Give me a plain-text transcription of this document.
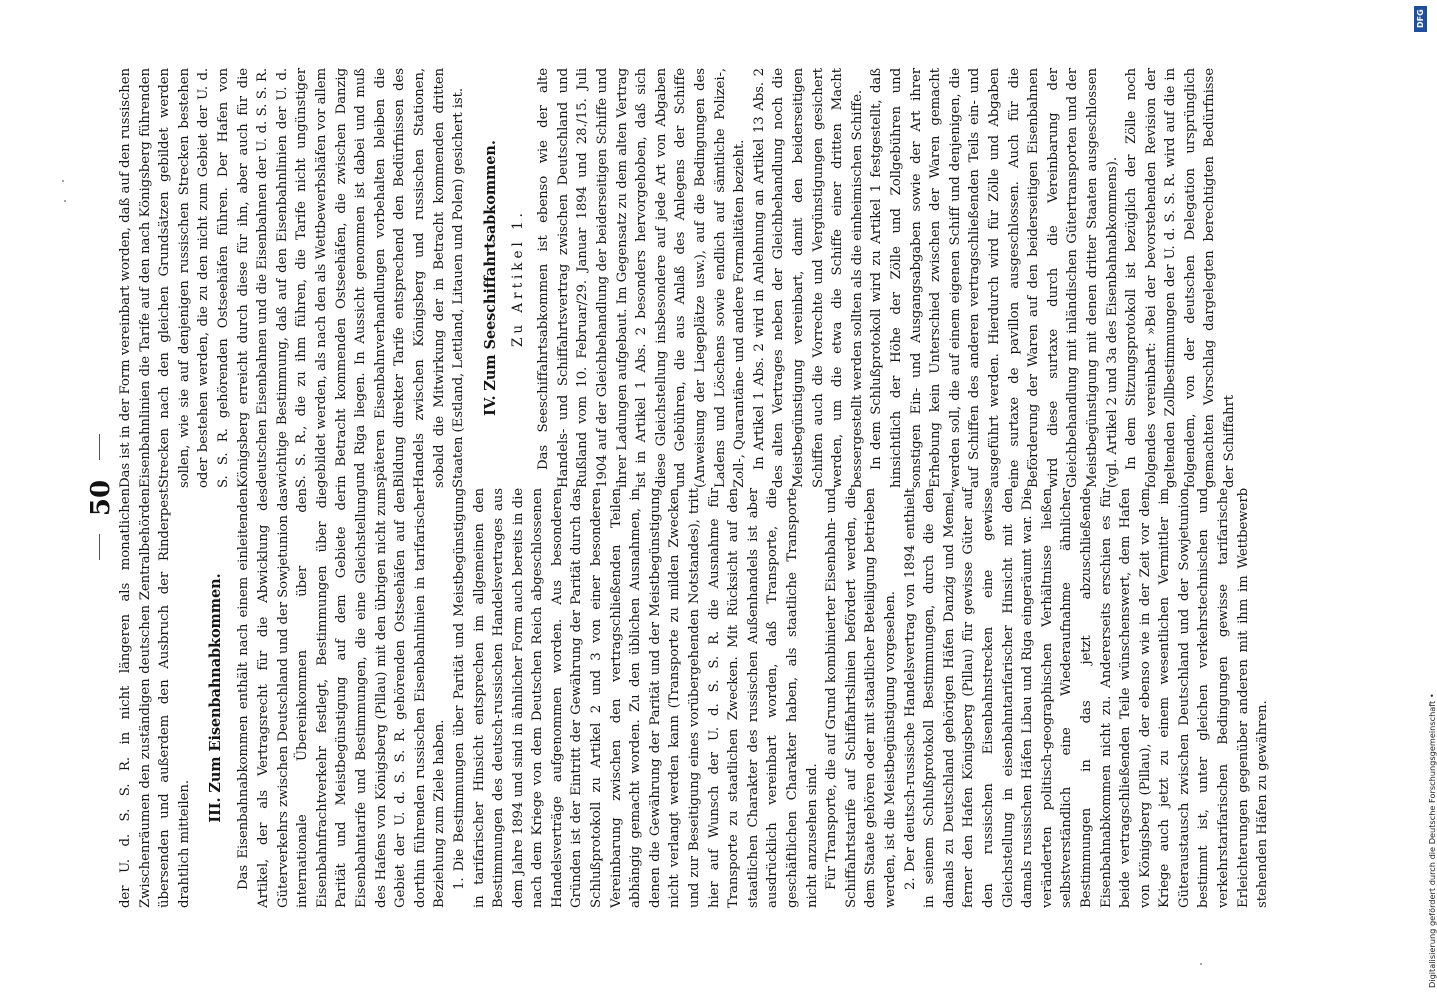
50 der U. d. S. S. R. in nicht längeren als monatlichen Zwischenräumen den zuständigen deutschen Zentralbehörden übersenden und außerdem den Ausbruch der Rinderpest drahtlich mitteilen.

III. Zum Eisenbahnabkommen. Das Eisenbahnabkommen enthält nach einem einleitenden Artikel, der als Vertragsrecht für die Abwicklung des Güterverkehrs zwischen Deutschland und der Sowjetunion das internationale Übereinkommen über den Eisenbahnfrachtverkehr festlegt, Bestimmungen über die Parität und Meistbegünstigung auf dem Gebiete der Eisenbahntarife und Bestimmungen, die eine Gleichstellung des Hafens von Königsberg (Pillau) mit den übrigen nicht zum Gebiet der U. d. S. S. R. gehörenden Ostseehäfen auf den dorthin führenden russischen Eisenbahnlinien in tarifarischer Beziehung zum Ziele haben. 1. Die Bestimmungen über Parität und Meistbegünstigung in tarifarischer Hinsicht entsprechen im allgemeinen den Bestimmungen des deutsch-russischen Handelsvertrages aus dem Jahre 1894 und sind in ähnlicher Form auch bereits in die nach dem Kriege von dem Deutschen Reich abgeschlossenen Handelsverträge aufgenommen worden. Aus besonderen Gründen ist der Eintritt der Gewährung der Parität durch das Schlußprotokoll zu Artikel 2 und 3 von einer besonderen Vereinbarung zwischen den vertragschließenden Teilen abhängig gemacht worden. Zu den üblichen Ausnahmen, in denen die Gewährung der Parität und der Meistbegünstigung nicht verlangt werden kann (Transporte zu milden Zwecken und zur Beseitigung eines vorübergehenden Notstandes), tritt hier auf Wunsch der U. d. S. S. R. die Ausnahme für Transporte zu staatlichen Zwecken. Mit Rücksicht auf den staatlichen Charakter des russischen Außenhandels ist aber ausdrücklich vereinbart worden, daß Transporte, die geschäftlichen Charakter haben, als staatliche Transporte nicht anzusehen sind. Für Transporte, die auf Grund kombinierter Eisenbahn- und Schiffahrtstarife auf Schiffahrtslinien befördert werden, die dem Staate gehören oder mit staatlicher Beteiligung betrieben werden, ist die Meistbegünstigung vorgesehen. 2. Der deutsch-russische Handelsvertrag von 1894 enthielt in seinem Schlußprotokoll Bestimmungen, durch die den damals zu Deutschland gehörigen Häfen Danzig und Memel, ferner den Hafen Königsberg (Pillau) für gewisse Güter auf den russischen Eisenbahnstrecken eine gewisse Gleichstellung in eisenbahntarifarischer Hinsicht mit den damals russischen Häfen Libau und Riga eingeräumt war. Die veränderten politisch-geographischen Verhältnisse ließen selbstverständlich eine Wiederaufnahme ähnlicher Bestimmungen in das jetzt abzuschließende Eisenbahnabkommen nicht zu. Andererseits erschien es für beide vertragschließenden Teile wünschenswert, dem Hafen von Königsberg (Pillau), der ebenso wie in der Zeit vor dem Kriege auch jetzt zu einem wesentlichen Vermittler im Güteraustausch zwischen Deutschland und der Sowjetunion bestimmt ist, unter gleichen verkehrstechnischen und verkehrstarifarischen Bedingungen gewisse tarifarische Erleichterungen gegenüber anderen mit ihm im Wettbewerb stehenden Häfen zu gewähren.

Das ist in der Form vereinbart worden, daß auf den russischen Eisenbahnlinien die Tarife auf den nach Königsberg führenden Strecken nach den gleichen Grundsätzen gebildet werden sollen, wie sie auf denjenigen russischen Strecken bestehen oder bestehen werden, die zu den nicht zum Gebiet der U. d. S. S. R. gehörenden Ostseehäfen führen. Der Hafen von Königsberg erreicht durch diese für ihn, aber auch für die deutschen Eisenbahnen und die Eisenbahnen der U. d. S. S. R. wichtige Bestimmung, daß auf den Eisenbahnlinien der U. d. S. S. R., die zu ihm führen, die Tarife nicht ungünstiger gebildet werden, als nach den als Wettbewerbshäfen vor allem in Betracht kommenden Ostseehäfen, die zwischen Danzig und Riga liegen. In Aussicht genommen ist dabei und muß späteren Eisenbahnverhandlungen vorbehalten bleiben die Bildung direkter Tarife entsprechend den Bedürfnissen des Handels zwischen Königsberg und russischen Stationen, sobald die Mitwirkung der in Betracht kommenden dritten Staaten (Estland, Lettland, Litauen und Polen) gesichert ist. IV. Zum Seeschiffahrtsabkommen. Zu Artikel 1. Das Seeschiffahrtsabkommen ist ebenso wie der alte Handels- und Schiffahrtsvertrag zwischen Deutschland und Rußland vom 10. Februar/29. Januar 1894 und 28./15. Juli 1904 auf der Gleichbehandlung der beiderseitigen Schiffe und ihrer Ladungen aufgebaut. Im Gegensatz zu dem alten Vertrag ist in Artikel 1 Abs. 2 besonders hervorgehoben, daß sich diese Gleichstellung insbesondere auf jede Art von Abgaben und Gebühren, die aus Anlaß des Anlegens der Schiffe (Anweisung der Liegeplätze usw.), auf die Bedingungen des Ladens und Löschens sowie endlich auf sämtliche Polizei-, Zoll-, Quarantäne- und andere Formalitäten bezieht. In Artikel 1 Abs. 2 wird in Anlehnung an Artikel 13 Abs. 2 des alten Vertrages neben der Gleichbehandlung noch die Meistbegünstigung vereinbart, damit den beiderseitigen Schiffen auch die Vorrechte und Vergünstigungen gesichert werden, um die etwa die Schiffe einer dritten Macht bessergestellt werden sollten als die einheimischen Schiffe. In dem Schlußprotokoll wird zu Artikel 1 festgestellt, daß hinsichtlich der Höhe der Zölle und Zollgebühren und sonstigen Ein- und Ausgangsabgaben sowie der Art ihrer Erhebung kein Unterschied zwischen der Waren gemacht werden soll, die auf einem eigenen Schiff und denjenigen, die auf Schiffen des anderen vertragschließenden Teils ein- und ausgeführt werden. Hierdurch wird für Zölle und Abgaben eine surtaxe de pavillon ausgeschlossen. Auch für die Beförderung der Waren auf den beiderseitigen Eisenbahnen wird diese surtaxe durch die Vereinbarung der Gleichbehandlung mit inländischen Gütertransporten und der Meistbegünstigung mit denen dritter Staaten ausgeschlossen (vgl. Artikel 2 und 3a des Eisenbahnabkommens). In dem Sitzungsprotokoll ist bezüglich der Zölle noch folgendes vereinbart: »Bei der bevorstehenden Revision der geltenden Zollbestimmungen der U. d. S. S. R. wird auf die in folgendem, von der deutschen Delegation ursprünglich gemachten Vorschlag dargelegten berechtigten Bedürfnisse der Schiffahrt

DFG
Digitalisierung gefördert durch die Deutsche Forschungsgemeinschaft •
